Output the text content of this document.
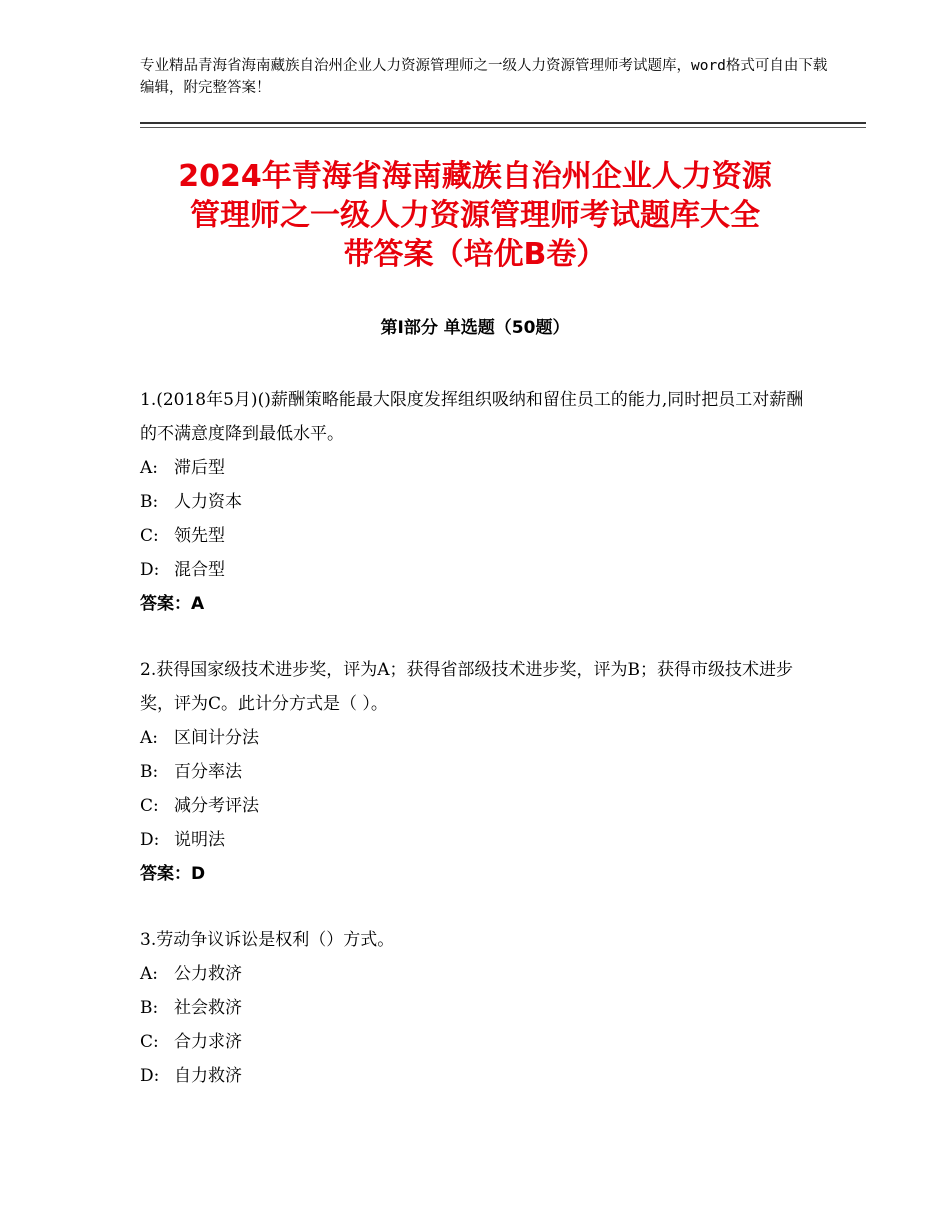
专业精品青海省海南藏族自治州企业人力资源管理师之一级人力资源管理师考试题库，word格式可自由下载编辑，附完整答案！
2024年青海省海南藏族自治州企业人力资源
管理师之一级人力资源管理师考试题库大全
带答案（培优B卷）
第Ⅰ部分 单选题（50题）

1.(2018年5月)()薪酬策略能最大限度发挥组织吸纳和留住员工的能力,同时把员工对薪酬的不满意度降到最低水平。

A: 滞后型

B: 人力资本

C: 领先型

D: 混合型

答案：A

2.获得国家级技术进步奖，评为A；获得省部级技术进步奖，评为B；获得市级技术进步奖，评为C。此计分方式是（ ）。

A: 区间计分法

B: 百分率法

C: 减分考评法

D: 说明法

答案：D

3.劳动争议诉讼是权利（）方式。

A: 公力救济

B: 社会救济

C: 合力求济

D: 自力救济
